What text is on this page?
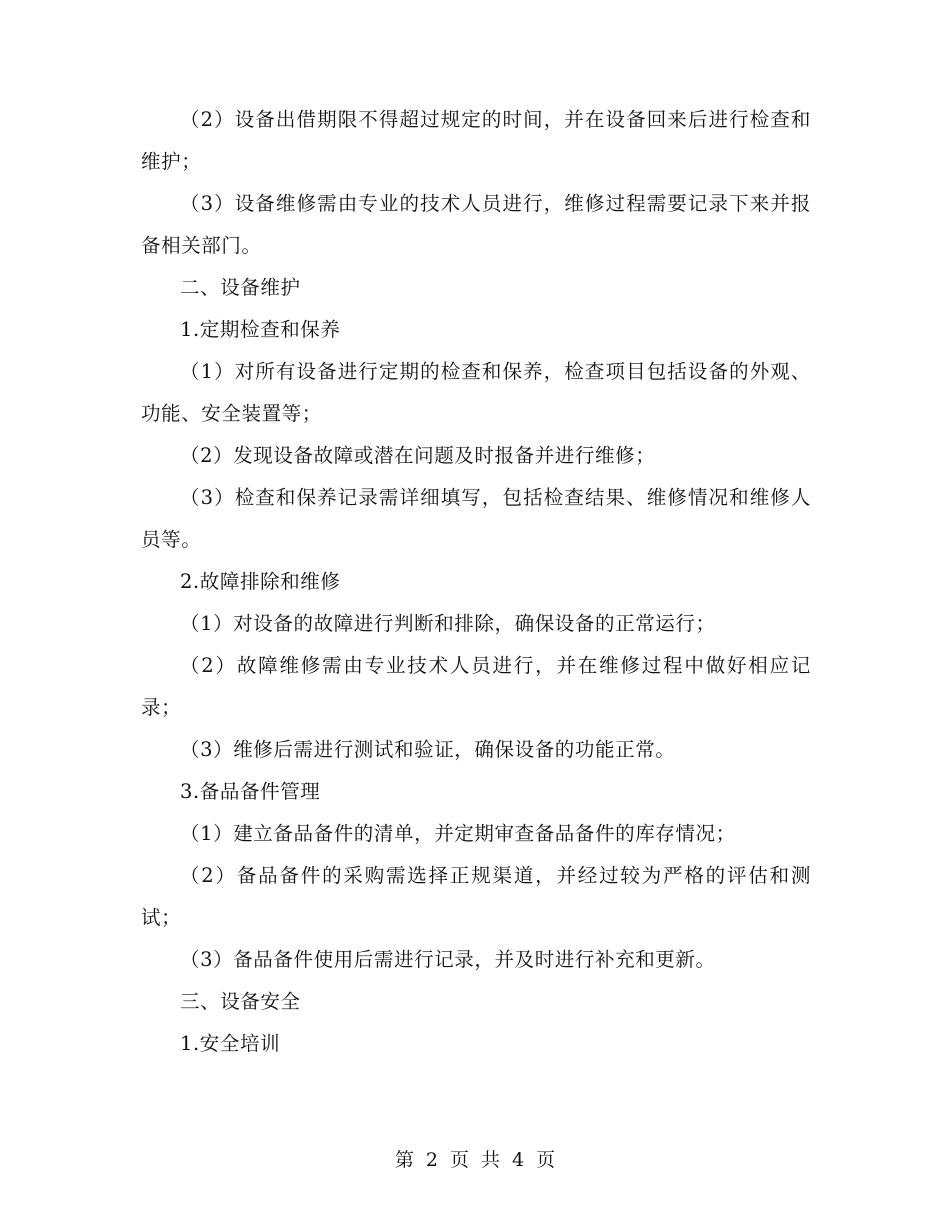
（2）设备出借期限不得超过规定的时间，并在设备回来后进行检查和维护；

（3）设备维修需由专业的技术人员进行，维修过程需要记录下来并报备相关部门。

二、设备维护

1.定期检查和保养

（1）对所有设备进行定期的检查和保养，检查项目包括设备的外观、功能、安全装置等；

（2）发现设备故障或潜在问题及时报备并进行维修；

（3）检查和保养记录需详细填写，包括检查结果、维修情况和维修人员等。

2.故障排除和维修

（1）对设备的故障进行判断和排除，确保设备的正常运行；

（2）故障维修需由专业技术人员进行，并在维修过程中做好相应记录；

（3）维修后需进行测试和验证，确保设备的功能正常。

3.备品备件管理

（1）建立备品备件的清单，并定期审查备品备件的库存情况；

（2）备品备件的采购需选择正规渠道，并经过较为严格的评估和测试；

（3）备品备件使用后需进行记录，并及时进行补充和更新。

三、设备安全

1.安全培训

第 2 页 共 4 页
